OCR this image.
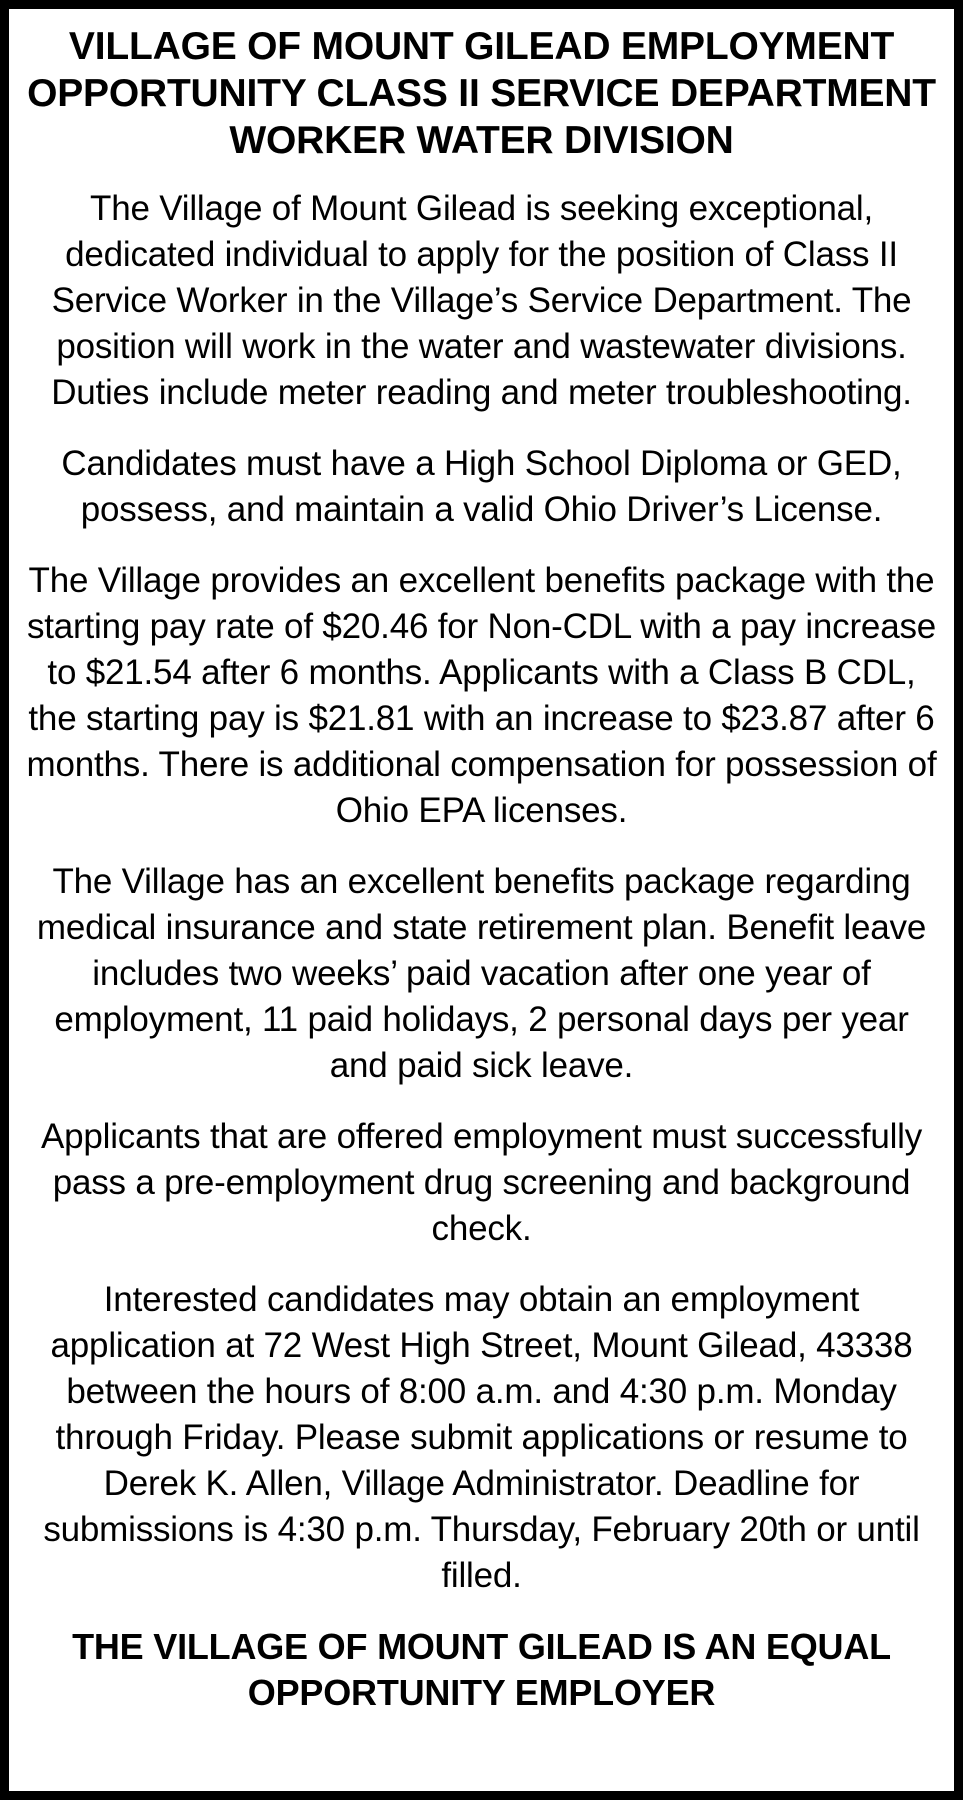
VILLAGE OF MOUNT GILEAD EMPLOYMENT OPPORTUNITY CLASS II SERVICE DEPARTMENT WORKER WATER DIVISION

The Village of Mount Gilead is seeking exceptional, dedicated individual to apply for the position of Class II Service Worker in the Village’s Service Department. The position will work in the water and wastewater divisions. Duties include meter reading and meter troubleshooting.

Candidates must have a High School Diploma or GED, possess, and maintain a valid Ohio Driver’s License.

The Village provides an excellent benefits package with the starting pay rate of $20.46 for Non-CDL with a pay increase to $21.54 after 6 months. Applicants with a Class B CDL, the starting pay is $21.81 with an increase to $23.87 after 6 months. There is additional compensation for possession of Ohio EPA licenses.

The Village has an excellent benefits package regarding medical insurance and state retirement plan. Benefit leave includes two weeks’ paid vacation after one year of employment, 11 paid holidays, 2 personal days per year and paid sick leave.

Applicants that are offered employment must successfully pass a pre-employment drug screening and background check.

Interested candidates may obtain an employment application at 72 West High Street, Mount Gilead, 43338 between the hours of 8:00 a.m. and 4:30 p.m. Monday through Friday. Please submit applications or resume to Derek K. Allen, Village Administrator. Deadline for submissions is 4:30 p.m. Thursday, February 20th or until filled.

THE VILLAGE OF MOUNT GILEAD IS AN EQUAL OPPORTUNITY EMPLOYER
